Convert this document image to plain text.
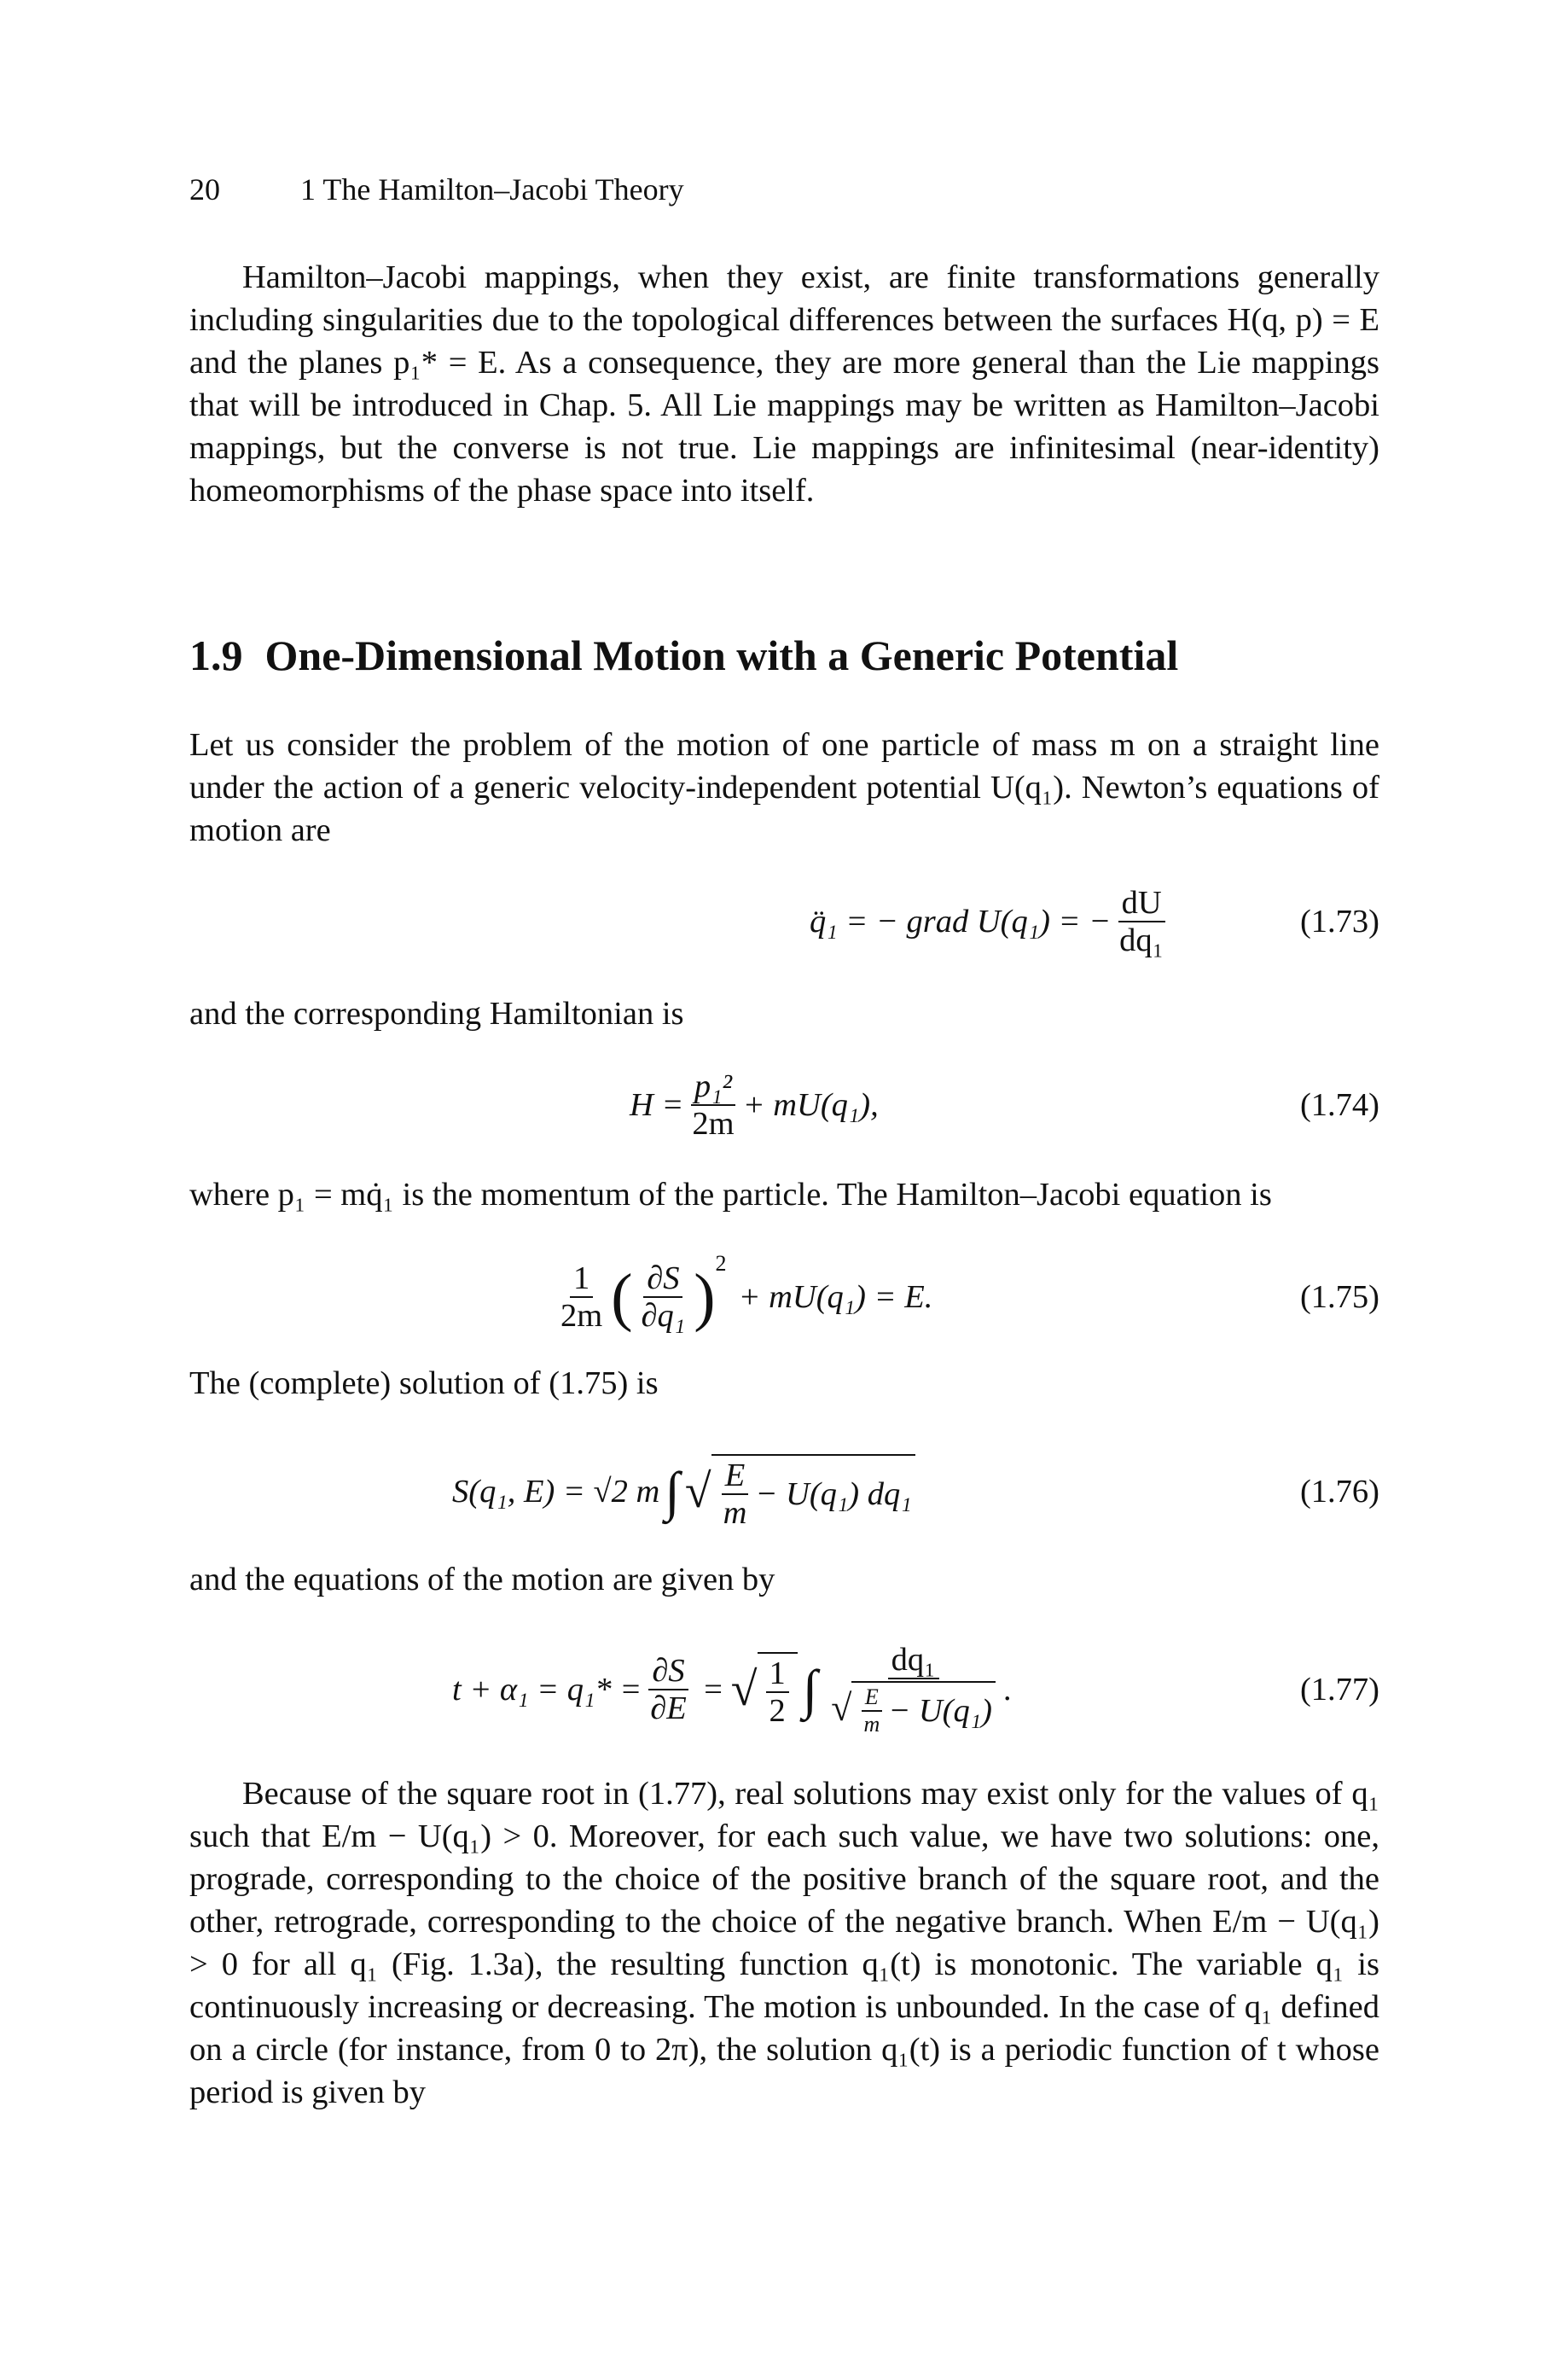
20	1 The Hamilton–Jacobi Theory

Hamilton–Jacobi mappings, when they exist, are finite transformations generally including singularities due to the topological differences between the surfaces H(q, p) = E and the planes p₁* = E. As a consequence, they are more general than the Lie mappings that will be introduced in Chap. 5. All Lie mappings may be written as Hamilton–Jacobi mappings, but the converse is not true. Lie mappings are infinitesimal (near-identity) homeomorphisms of the phase space into itself.

1.9 One-Dimensional Motion with a Generic Potential

Let us consider the problem of the motion of one particle of mass m on a straight line under the action of a generic velocity-independent potential U(q₁). Newton’s equations of motion are

q̈₁ = − grad U(q₁) = − $\frac{dU}{\text{dq₁}}$	(1.73)

and the corresponding Hamiltonian is

$H = \frac{\text{p₁²}}{2m} + mU(q_1)$,	(1.74)

where p₁ = mq̇₁ is the momentum of the particle. The Hamilton–Jacobi equation is

$\frac{1}{2m}$ ( $\frac{\partial S}{\text{∂q₁}}$ ) 2
+ mU(q₁) = E.	(1.75)

The (complete) solution of (1.75) is

S(q₁, E) = √2 m ∫ √ $\frac{E}{m} - U(q_1)$ dq₁	(1.76)

and the equations of the motion are given by

$t + \alpha_1 = q_1* = \frac{\partial S}{\partial E}$ = √ $\frac{1}{2}$ ∫ dq₁
√ $\frac{E}{m} - U(q_1)$
.	(1.77)

Because of the square root in (1.77), real solutions may exist only for the values of q₁ such that E/m − U(q₁) > 0. Moreover, for each such value, we have two solutions: one, prograde, corresponding to the choice of the positive branch of the square root, and the other, retrograde, corresponding to the choice of the negative branch. When E/m − U(q₁) > 0 for all q₁ (Fig. 1.3a), the resulting function q₁(t) is monotonic. The variable q₁ is continuously increasing or decreasing. The motion is unbounded. In the case of q₁ defined on a circle (for instance, from 0 to 2π), the solution q₁(t) is a periodic function of t whose period is given by
